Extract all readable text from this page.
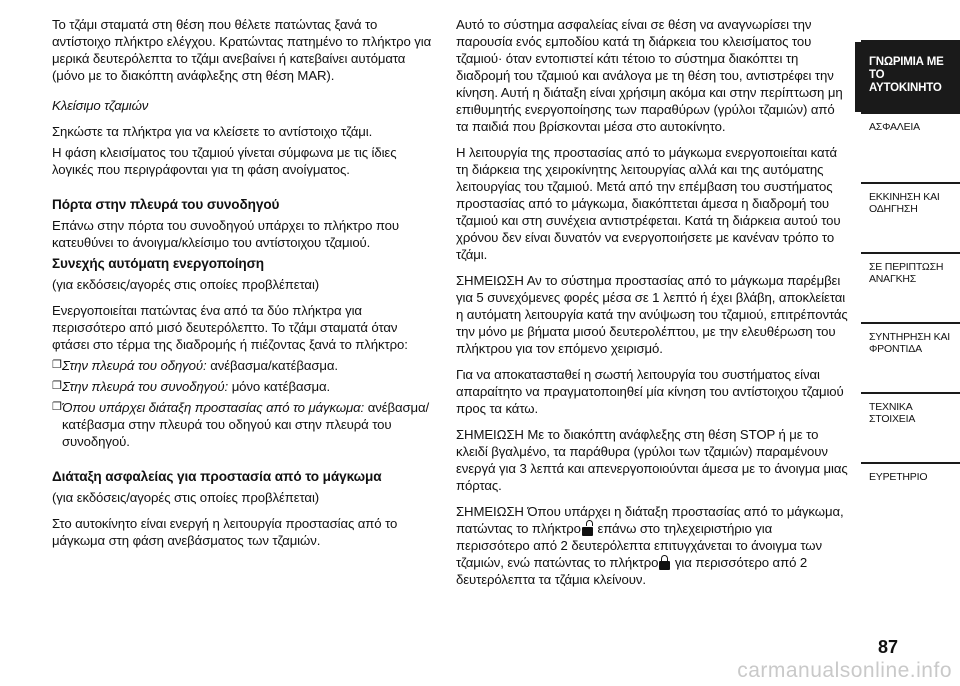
Το τζάμι σταματά στη θέση που θέλετε πατώντας ξανά το αντίστοιχο πλήκτρο ελέγχου. Κρατώντας πατημένο το πλήκτρο για μερικά δευτερόλεπτα το τζάμι ανεβαίνει ή κατεβαίνει αυτόματα (μόνο με το διακόπτη ανάφλεξης στη θέση MAR).

Κλείσιμο τζαμιών

Σηκώστε τα πλήκτρα για να κλείσετε το αντίστοιχο τζάμι.

Η φάση κλεισίματος του τζαμιού γίνεται σύμφωνα με τις ίδιες λογικές που περιγράφονται για τη φάση ανοίγματος.

Πόρτα στην πλευρά του συνοδηγού

Επάνω στην πόρτα του συνοδηγού υπάρχει το πλήκτρο που κατευθύνει το άνοιγμα/κλείσιμο του αντίστοιχου τζαμιού.

Συνεχής αυτόματη ενεργοποίηση

(για εκδόσεις/αγορές στις οποίες προβλέπεται)

Ενεργοποιείται πατώντας ένα από τα δύο πλήκτρα για περισσότερο από μισό δευτερόλεπτο. Το τζάμι σταματά όταν φτάσει στο τέρμα της διαδρομής ή πιέζοντας ξανά το πλήκτρο:

❐ Στην πλευρά του οδηγού: ανέβασμα/κατέβασμα.

❐ Στην πλευρά του συνοδηγού: μόνο κατέβασμα.

❐ Όπου υπάρχει διάταξη προστασίας από το μάγκωμα: ανέβασμα/κατέβασμα στην πλευρά του οδηγού και στην πλευρά του συνοδηγού.

Διάταξη ασφαλείας για προστασία από το μάγκωμα

(για εκδόσεις/αγορές στις οποίες προβλέπεται)

Στο αυτοκίνητο είναι ενεργή η λειτουργία προστασίας από το μάγκωμα στη φάση ανεβάσματος των τζαμιών.

Αυτό το σύστημα ασφαλείας είναι σε θέση να αναγνωρίσει την παρουσία ενός εμποδίου κατά τη διάρκεια του κλεισίματος του τζαμιού· όταν εντοπιστεί κάτι τέτοιο το σύστημα διακόπτει τη διαδρομή του τζαμιού και ανάλογα με τη θέση του, αντιστρέφει την κίνηση. Αυτή η διάταξη είναι χρήσιμη ακόμα και στην περίπτωση μη επιθυμητής ενεργοποίησης των παραθύρων (γρύλοι τζαμιών) από τα παιδιά που βρίσκονται μέσα στο αυτοκίνητο.

Η λειτουργία της προστασίας από το μάγκωμα ενεργοποιείται κατά τη διάρκεια της χειροκίνητης λειτουργίας αλλά και της αυτόματης λειτουργίας του τζαμιού. Μετά από την επέμβαση του συστήματος προστασίας από το μάγκωμα, διακόπτεται άμεσα η διαδρομή του τζαμιού και στη συνέχεια αντιστρέφεται. Κατά τη διάρκεια αυτού του χρόνου δεν είναι δυνατόν να ενεργοποιήσετε με κανέναν τρόπο το τζάμι.

ΣΗΜΕΙΩΣΗ Αν το σύστημα προστασίας από το μάγκωμα παρέμβει για 5 συνεχόμενες φορές μέσα σε 1 λεπτό ή έχει βλάβη, αποκλείεται η αυτόματη λειτουργία κατά την ανύψωση του τζαμιού, επιτρέποντάς την μόνο με βήματα μισού δευτερολέπτου, με την ελευθέρωση του πλήκτρου για τον επόμενο χειρισμό.

Για να αποκατασταθεί η σωστή λειτουργία του συστήματος είναι απαραίτητο να πραγματοποιηθεί μία κίνηση του αντίστοιχου τζαμιού προς τα κάτω.

ΣΗΜΕΙΩΣΗ Με το διακόπτη ανάφλεξης στη θέση STOP ή με το κλειδί βγαλμένο, τα παράθυρα (γρύλοι των τζαμιών) παραμένουν ενεργά για 3 λεπτά και απενεργοποιούνται άμεσα με το άνοιγμα μιας πόρτας.

ΣΗΜΕΙΩΣΗ Όπου υπάρχει η διάταξη προστασίας από το μάγκωμα, πατώντας το πλήκτρο επάνω στο τηλεχειριστήριο για περισσότερο από 2 δευτερόλεπτα επιτυγχάνεται το άνοιγμα των τζαμιών, ενώ πατώντας το πλήκτρο για περισσότερο από 2 δευτερόλεπτα τα τζάμια κλείνουν.

ΓΝΩΡΙΜΙΑ ΜΕ ΤΟ ΑΥΤΟΚΙΝΗΤΟ
ΑΣΦΑΛΕΙΑ
ΕΚΚΙΝΗΣΗ ΚΑΙ ΟΔΗΓΗΣΗ
ΣΕ ΠΕΡΙΠΤΩΣΗ ΑΝΑΓΚΗΣ
ΣΥΝΤΗΡΗΣΗ ΚΑΙ ΦΡΟΝΤΙΔΑ
ΤΕΧΝΙΚΑ ΣΤΟΙΧΕΙΑ
ΕΥΡΕΤΗΡΙΟ
87
carmanualsonline.info
